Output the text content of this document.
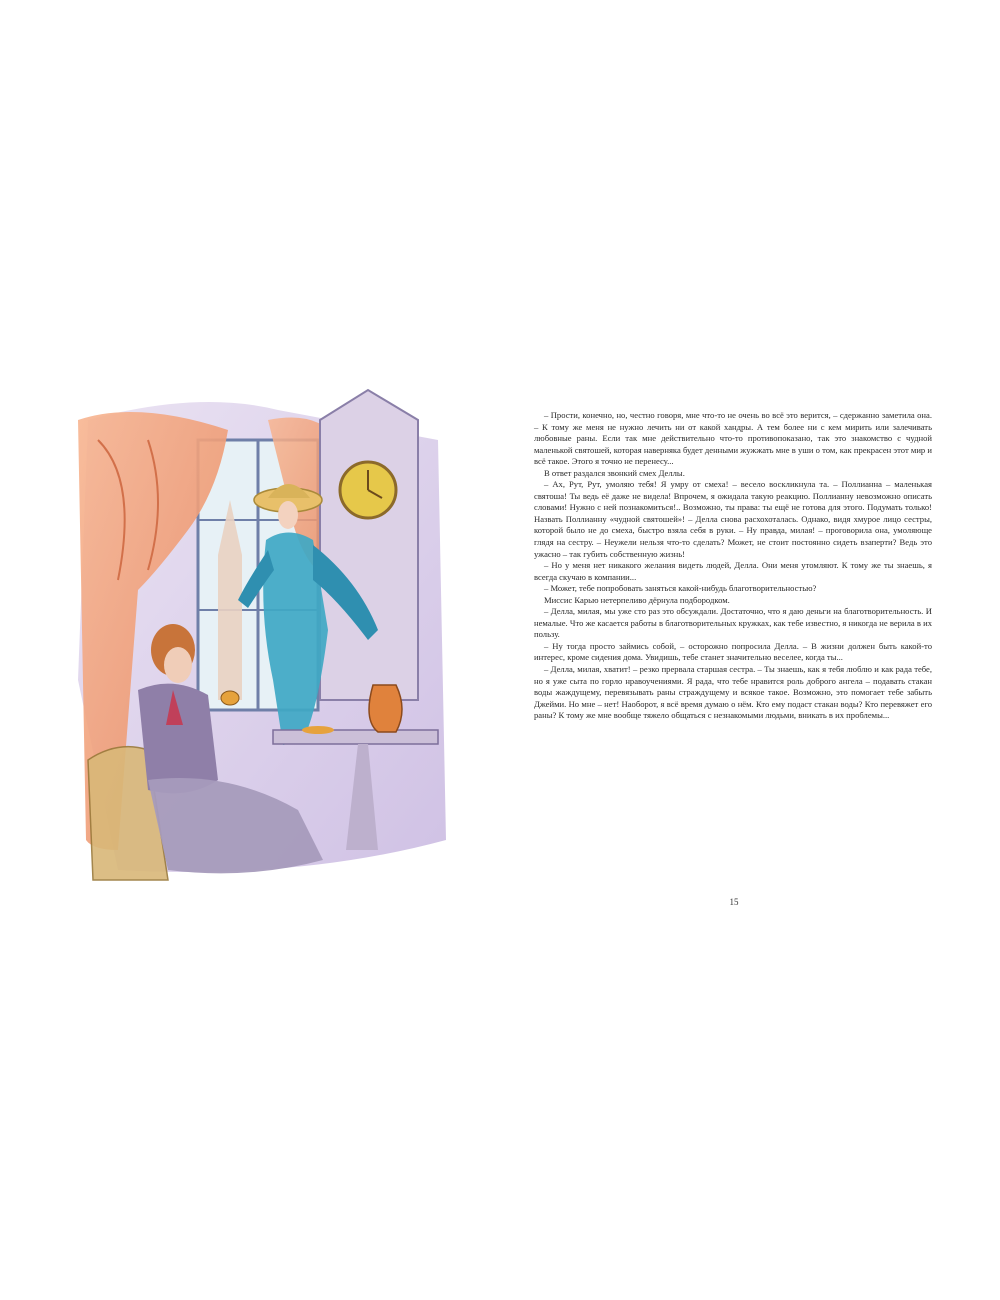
– Прости, конечно, но, честно говоря, мне что-то не очень во всё это верится, – сдержанно заметила она. – К тому же меня не нужно лечить ни от какой хандры. А тем более ни с кем мирить или залечивать любовные раны. Если так мне действительно что-то противопоказано, так это знакомство с чудной маленькой святошей, которая наверняка будет денными жужжать мне в уши о том, как прекрасен этот мир и всё такое. Этого я точно не перенесу...

В ответ раздался звонкий смех Деллы.

– Ах, Рут, Рут, умоляю тебя! Я умру от смеха! – весело воскликнула та. – Поллианна – маленькая святоша! Ты ведь её даже не видела! Впрочем, я ожидала такую реакцию. Поллианну невозможно описать словами! Нужно с ней познакомиться!.. Возможно, ты права: ты ещё не готова для этого. Подумать только! Назвать Поллианну «чудной святошей»! – Делла снова расхохоталась. Однако, видя хмурое лицо сестры, которой было не до смеха, быстро взяла себя в руки. – Ну правда, милая! – проговорила она, умоляюще глядя на сестру. – Неужели нельзя что-то сделать? Может, не стоит постоянно сидеть взаперти? Ведь это ужасно – так губить собственную жизнь!

– Но у меня нет никакого желания видеть людей, Делла. Они меня утомляют. К тому же ты знаешь, я всегда скучаю в компании...

– Может, тебе попробовать заняться какой-нибудь благотворительностью?

Миссис Карью нетерпеливо дёрнула подбородком.

– Делла, милая, мы уже сто раз это обсуждали. Достаточно, что я даю деньги на благотворительность. И немалые. Что же касается работы в благотворительных кружках, как тебе известно, я никогда не верила в их пользу.

– Ну тогда просто займись собой, – осторожно попросила Делла. – В жизни должен быть какой-то интерес, кроме сидения дома. Увидишь, тебе станет значительно веселее, когда ты...

– Делла, милая, хватит! – резко прервала старшая сестра. – Ты знаешь, как я тебя люблю и как рада тебе, но я уже сыта по горло нравоучениями. Я рада, что тебе нравится роль доброго ангела – подавать стакан воды жаждущему, перевязывать раны страждущему и всякое такое. Возможно, это помогает тебе забыть Джейми. Но мне – нет! Наоборот, я всё время думаю о нём. Кто ему подаст стакан воды? Кто перевяжет его раны? К тому же мне вообще тяжело общаться с незнакомыми людьми, вникать в их проблемы...

15
